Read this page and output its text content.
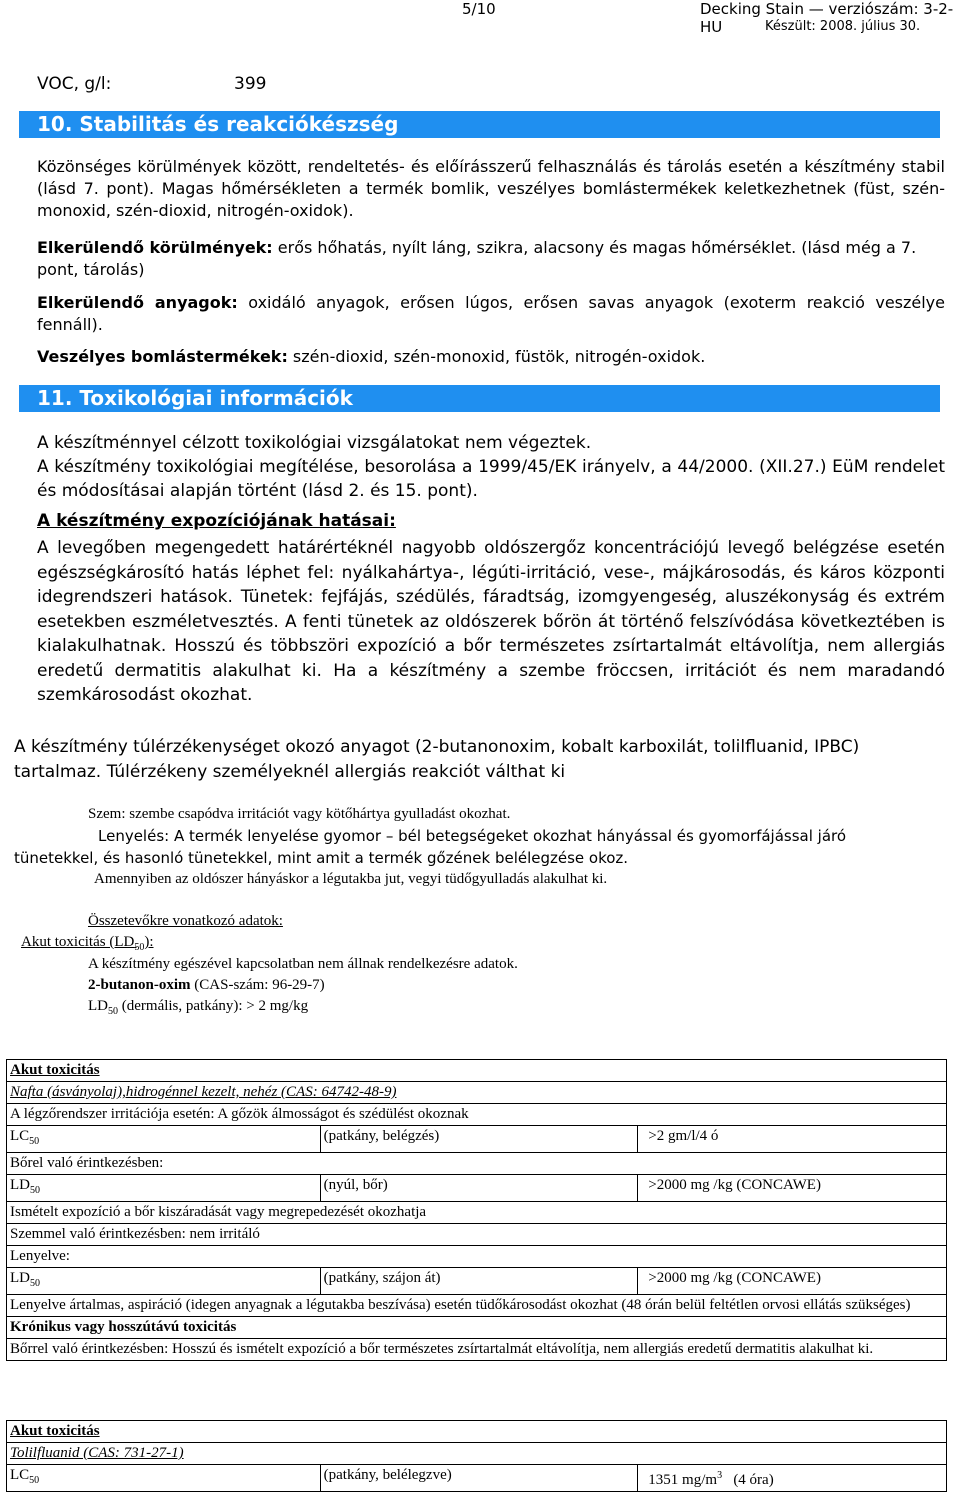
5/10	Decking Stain — verziószám: 3-2-HU	Készült: 2008. július 30.
VOC, g/l:	399
10. Stabilitás és reakciókészség
Közönséges körülmények között, rendeltetés- és előírásszerű felhasználás és tárolás esetén a készítmény stabil (lásd 7. pont). Magas hőmérsékleten a termék bomlik, veszélyes bomlástermékek keletkezhetnek (füst, szén-monoxid, szén-dioxid, nitrogén-oxidok).
Elkerülendő körülmények: erős hőhatás, nyílt láng, szikra, alacsony és magas hőmérséklet. (lásd még a 7. pont, tárolás)
Elkerülendő anyagok: oxidáló anyagok, erősen lúgos, erősen savas anyagok (exoterm reakció veszélye fennáll).
Veszélyes bomlástermékek: szén-dioxid, szén-monoxid, füstök, nitrogén-oxidok.
11. Toxikológiai információk
A készítménnyel célzott toxikológiai vizsgálatokat nem végeztek.
A készítmény toxikológiai megítélése, besorolása a 1999/45/EK irányelv, a 44/2000. (XII.27.) EüM rendelet és módosításai alapján történt (lásd 2. és 15. pont).
A készítmény expozíciójának hatásai:
A levegőben megengedett határértéknél nagyobb oldószergőz koncentrációjú levegő belégzése esetén egészségkárosító hatás léphet fel: nyálkahártya-, légúti-irritáció, vese-, májkárosodás, és káros központi idegrendszeri hatások. Tünetek: fejfájás, szédülés, fáradtság, izomgyengeség, aluszékonyság és extrém esetekben eszméletvesztés. A fenti tünetek az oldószerek bőrön át történő felszívódása következtében is kialakulhatnak. Hosszú és többszöri expozíció a bőr természetes zsírtartalmát eltávolítja, nem allergiás eredetű dermatitis alakulhat ki. Ha a készítmény a szembe fröccsen, irritációt és nem maradandó szemkárosodást okozhat.
A készítmény túlérzékenységet okozó anyagot (2-butanonoxim, kobalt karboxilát, tolilfluanid, IPBC) tartalmaz. Túlérzékeny személyeknél allergiás reakciót válthat ki
Szem: szembe csapódva irritációt vagy kötőhártya gyulladást okozhat.
Lenyelés: A termék lenyelése gyomor – bél betegségeket okozhat hányással és gyomorfájással járó tünetekkel, és hasonló tünetekkel, mint amit a termék gőzének belélegzése okoz.
Amennyiben az oldószer hányáskor a légutakba jut, vegyi tüdőgyulladás alakulhat ki.
Összetevőkre vonatkozó adatok:
Akut toxicitás $(LD_{50})$:
A készítmény egészével kapcsolatban nem állnak rendelkezésre adatok.
2-butanon-oxim (CAS-szám: 96-29-7)
$LD_{50}$ (dermális, patkány): > 2 mg/kg
Akut toxicitás		
Nafta (ásványolaj),hidrogénnel kezelt, nehéz (CAS: 64742-48-9)		
A légzőrendszer irritációja esetén: A gőzök álmosságot és szédülést okoznak		
$LC_{50}$	(patkány, belégzés)	>2 gm/l/4 ó
Bőrel való érintkezésben:		
$LD_{50}$	(nyúl, bőr)	>2000 mg /kg (CONCAWE)
Ismételt expozíció a bőr kiszáradását vagy megrepedezését okozhatja		
Szemmel való érintkezésben: nem irritáló		
Lenyelve:		
$LD_{50}$	(patkány, szájon át)	>2000 mg /kg (CONCAWE)
Lenyelve ártalmas, aspiráció (idegen anyagnak a légutakba beszívása) esetén tüdőkárosodást okozhat (48 órán belül feltétlen orvosi ellátás szükséges)		
Krónikus vagy hosszútávú toxicitás		
Bőrrel való érintkezésben: Hosszú és ismételt expozíció a bőr természetes zsírtartalmát eltávolítja, nem allergiás eredetű dermatitis alakulhat ki.		
Akut toxicitás
Tolilfluanid (CAS: 731-27-1)
$LC_{50}$	(patkány, belélegzve)	1351 $mg/m^3$ (4 óra)
